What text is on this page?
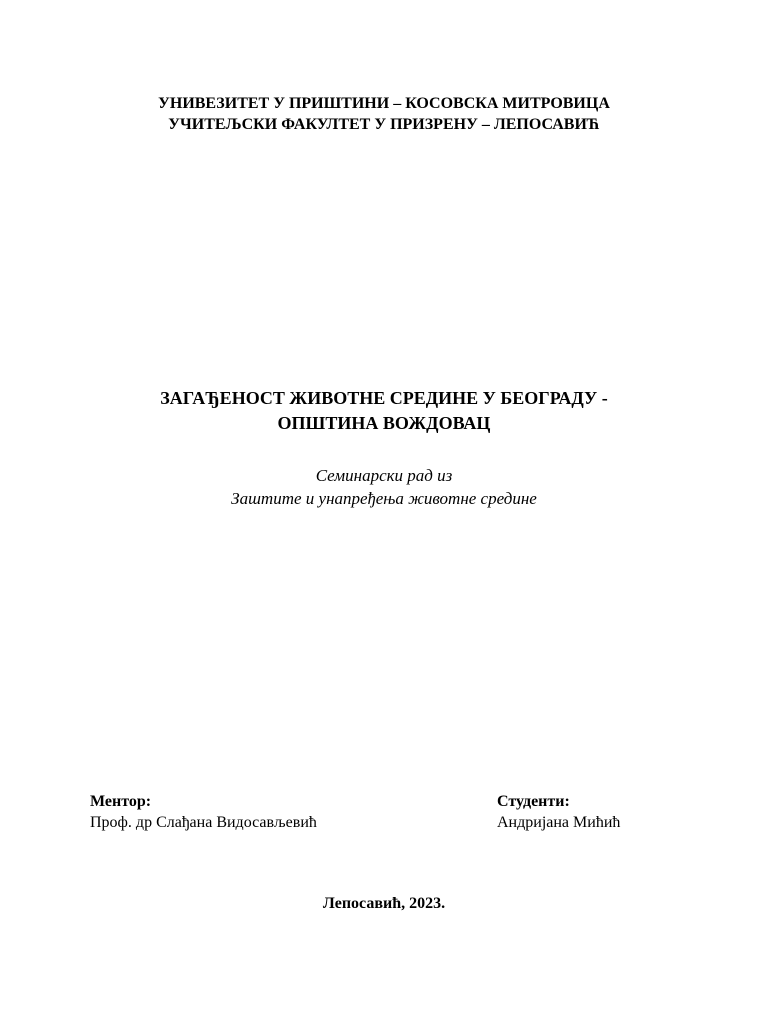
УНИВЕЗИТЕТ У ПРИШТИНИ – КОСОВСКА МИТРОВИЦА
УЧИТЕЉСКИ ФАКУЛТЕТ У ПРИЗРЕНУ – ЛЕПОСАВИЋ
ЗАГАЂЕНОСТ ЖИВОТНЕ СРЕДИНЕ У БЕОГРАДУ -
ОПШТИНА ВОЖДОВАЦ
Семинарски рад из
Заштите и унапређења животне средине
Ментор:
Проф. др Слађана Видосављевић
Студенти:
Андријана Мићић
Лепосавић, 2023.
